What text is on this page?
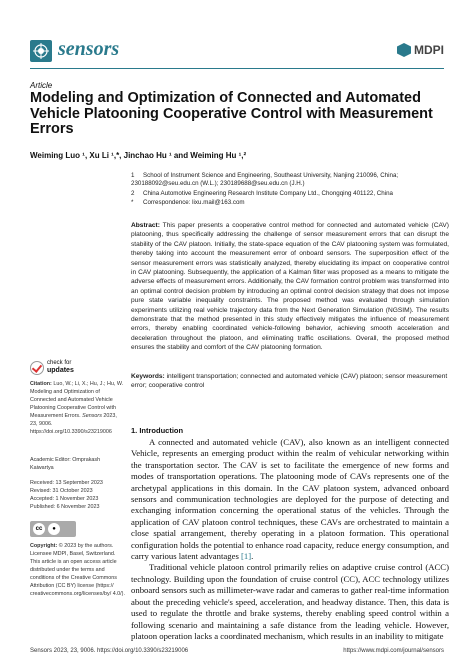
sensors	MDPI
Article
Modeling and Optimization of Connected and Automated Vehicle Platooning Cooperative Control with Measurement Errors
Weiming Luo ¹, Xu Li ¹,*, Jinchao Hu ¹ and Weiming Hu ¹,²
1 School of Instrument Science and Engineering, Southeast University, Nanjing 210096, China; 230188092@seu.edu.cn (W.L.); 230189688@seu.edu.cn (J.H.)
2 China Automotive Engineering Research Institute Company Ltd., Chongqing 401122, China
* Correspondence: lixu.mail@163.com
Abstract: This paper presents a cooperative control method for connected and automated vehicle (CAV) platooning, thus specifically addressing the challenge of sensor measurement errors that can disrupt the stability of the CAV platoon. Initially, the state-space equation of the CAV platooning system was formulated, thereby taking into account the measurement error of onboard sensors. The superposition effect of the sensor measurement errors was statistically analyzed, thereby elucidating its impact on cooperative control in CAV platooning. Subsequently, the application of a Kalman filter was proposed as a means to mitigate the adverse effects of measurement errors. Additionally, the CAV formation control problem was transformed into an optimal control decision problem by introducing an optimal control decision strategy that does not impose pure state variable inequality constraints. The proposed method was evaluated through simulation experiments utilizing real vehicle trajectory data from the Next Generation Simulation (NGSIM). The results demonstrate that the method presented in this study effectively mitigates the influence of measurement errors, thereby enabling coordinated vehicle-following behavior, achieving smooth acceleration and deceleration throughout the platoon, and eliminating traffic oscillations. Overall, the proposed method ensures the stability and comfort of the CAV platooning formation.
Keywords: intelligent transportation; connected and automated vehicle (CAV) platoon; sensor measurement error; cooperative control
check for
updates
Citation: Luo, W.; Li, X.; Hu, J.; Hu, W. Modeling and Optimization of Connected and Automated Vehicle Platooning Cooperative Control with Measurement Errors. Sensors 2023, 23, 9006. https://doi.org/10.3390/s23219006
Academic Editor: Omprakash Kaiwartya
Received: 13 September 2023
Revised: 31 October 2023
Accepted: 1 November 2023
Published: 6 November 2023
cc	●
Copyright: © 2023 by the authors. Licensee MDPI, Basel, Switzerland. This article is an open access article distributed under the terms and conditions of the Creative Commons Attribution (CC BY) license (https:// creativecommons.org/licenses/by/ 4.0/).
1. Introduction

A connected and automated vehicle (CAV), also known as an intelligent connected Vehicle, represents an emerging product within the realm of vehicular networking within the transportation sector. The CAV is set to facilitate the emergence of new forms and modes of transportation operations. The platooning mode of CAVs represents one of the archetypal applications in this domain. In the CAV platoon system, advanced onboard sensors and communication technologies are deployed for the purpose of detecting and exchanging information concerning the operational status of the vehicles. Through the application of CAV platoon control techniques, these CAVs are orchestrated to maintain a close spatial arrangement, thereby operating in a platoon formation. This operational configuration holds the potential to enhance road capacity, reduce energy consumption, and carry various latent advantages [1].

Traditional vehicle platoon control primarily relies on adaptive cruise control (ACC) technology. Building upon the foundation of cruise control (CC), ACC technology utilizes onboard sensors such as millimeter-wave radar and cameras to gather real-time information about the preceding vehicle's speed, acceleration, and headway distance. Then, this data is used to regulate the throttle and brake systems, thereby enabling speed control within a following scenario and maintaining a safe distance from the leading vehicle. However, platoon operation lacks a coordinated mechanism, which results in an inability to mitigate

Sensors 2023, 23, 9006. https://doi.org/10.3390/s23219006	https://www.mdpi.com/journal/sensors
